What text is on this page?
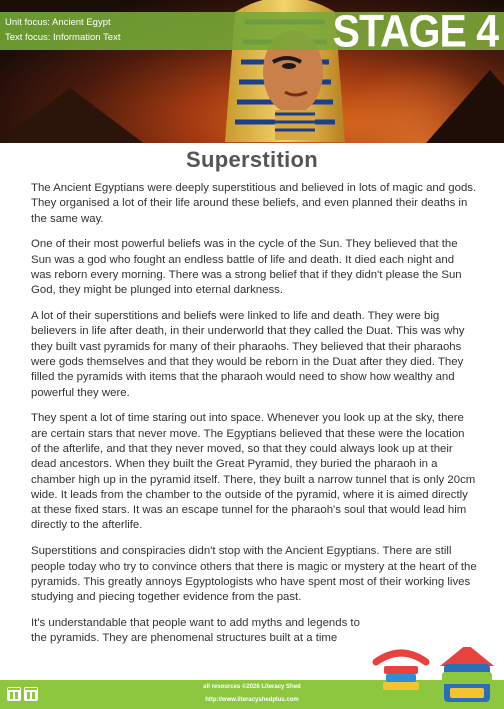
Unit focus: Ancient Egypt
Text focus: Information Text	STAGE 4
Superstition

The Ancient Egyptians were deeply superstitious and believed in lots of magic and gods. They organised a lot of their life around these beliefs, and even planned their deaths in the same way.

One of their most powerful beliefs was in the cycle of the Sun. They believed that the Sun was a god who fought an endless battle of life and death. It died each night and was reborn every morning. There was a strong belief that if they didn't please the Sun God, they might be plunged into eternal darkness.

A lot of their superstitions and beliefs were linked to life and death. They were big believers in life after death, in their underworld that they called the Duat. This was why they built vast pyramids for many of their pharaohs. They believed that their pharaohs were gods themselves and that they would be reborn in the Duat after they died. They filled the pyramids with items that the pharaoh would need to show how wealthy and powerful they were.

They spent a lot of time staring out into space. Whenever you look up at the sky, there are certain stars that never move. The Egyptians believed that these were the location of the afterlife, and that they never moved, so that they could always look up at their dead ancestors. When they built the Great Pyramid, they buried the pharaoh in a chamber high up in the pyramid itself. There, they built a narrow tunnel that is only 20cm wide. It leads from the chamber to the outside of the pyramid, where it is aimed directly at these fixed stars. It was an escape tunnel for the pharaoh's soul that would lead him directly to the afterlife.

Superstitions and conspiracies didn't stop with the Ancient Egyptians. There are still people today who try to convince others that there is magic or mystery at the heart of the pyramids. This greatly annoys Egyptologists who have spent most of their working lives studying and piecing together evidence from the past.

It's understandable that people want to add myths and legends to the pyramids. They are phenomenal structures built at a time

all resources ©2026 Literacy Shed
http://www.literacyshedplus.com
